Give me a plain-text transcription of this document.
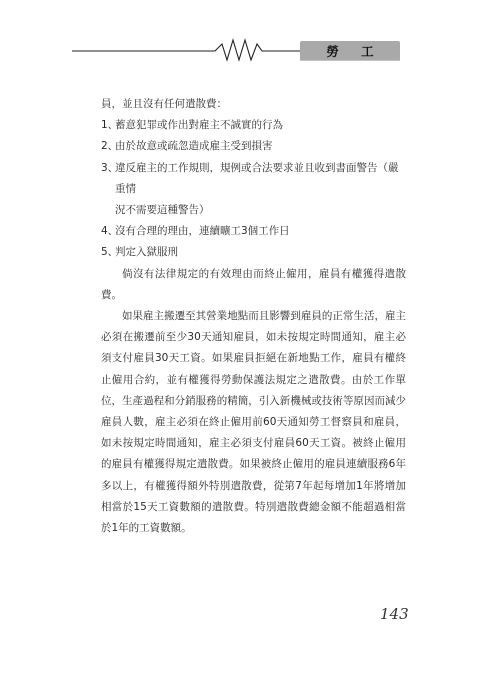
勞 工

員，並且沒有任何遣散費：

1、
蓄意犯罪或作出對雇主不誠實的行為
2、
由於故意或疏忽造成雇主受到損害
3、
違反雇主的工作規則，規例或合法要求並且收到書面警告（嚴重情

況不需要這種警告）

4、
沒有合理的理由，連續曠工3個工作日
5、
判定入獄服刑

倘沒有法律規定的有效理由而終止僱用，雇員有權獲得遣散費。

如果雇主搬遷至其營業地點而且影響到雇員的正常生活，雇主必須在搬遷前至少30天通知雇員，如未按規定時間通知，雇主必須支付雇員30天工資。如果雇員拒絕在新地點工作，雇員有權終止僱用合約，並有權獲得勞動保護法規定之遣散費。由於工作單位，生產過程和分銷服務的精簡，引入新機械或技術等原因而減少雇員人數，雇主必須在終止僱用前60天通知勞工督察員和雇員，如未按規定時間通知，雇主必須支付雇員60天工資。被終止僱用的雇員有權獲得規定遣散費。如果被終止僱用的雇員連續服務6年多以上，有權獲得額外特別遣散費，從第7年起每增加1年將增加相當於15天工資數額的遣散費。特別遣散費總金額不能超過相當於1年的工資數額。

143
